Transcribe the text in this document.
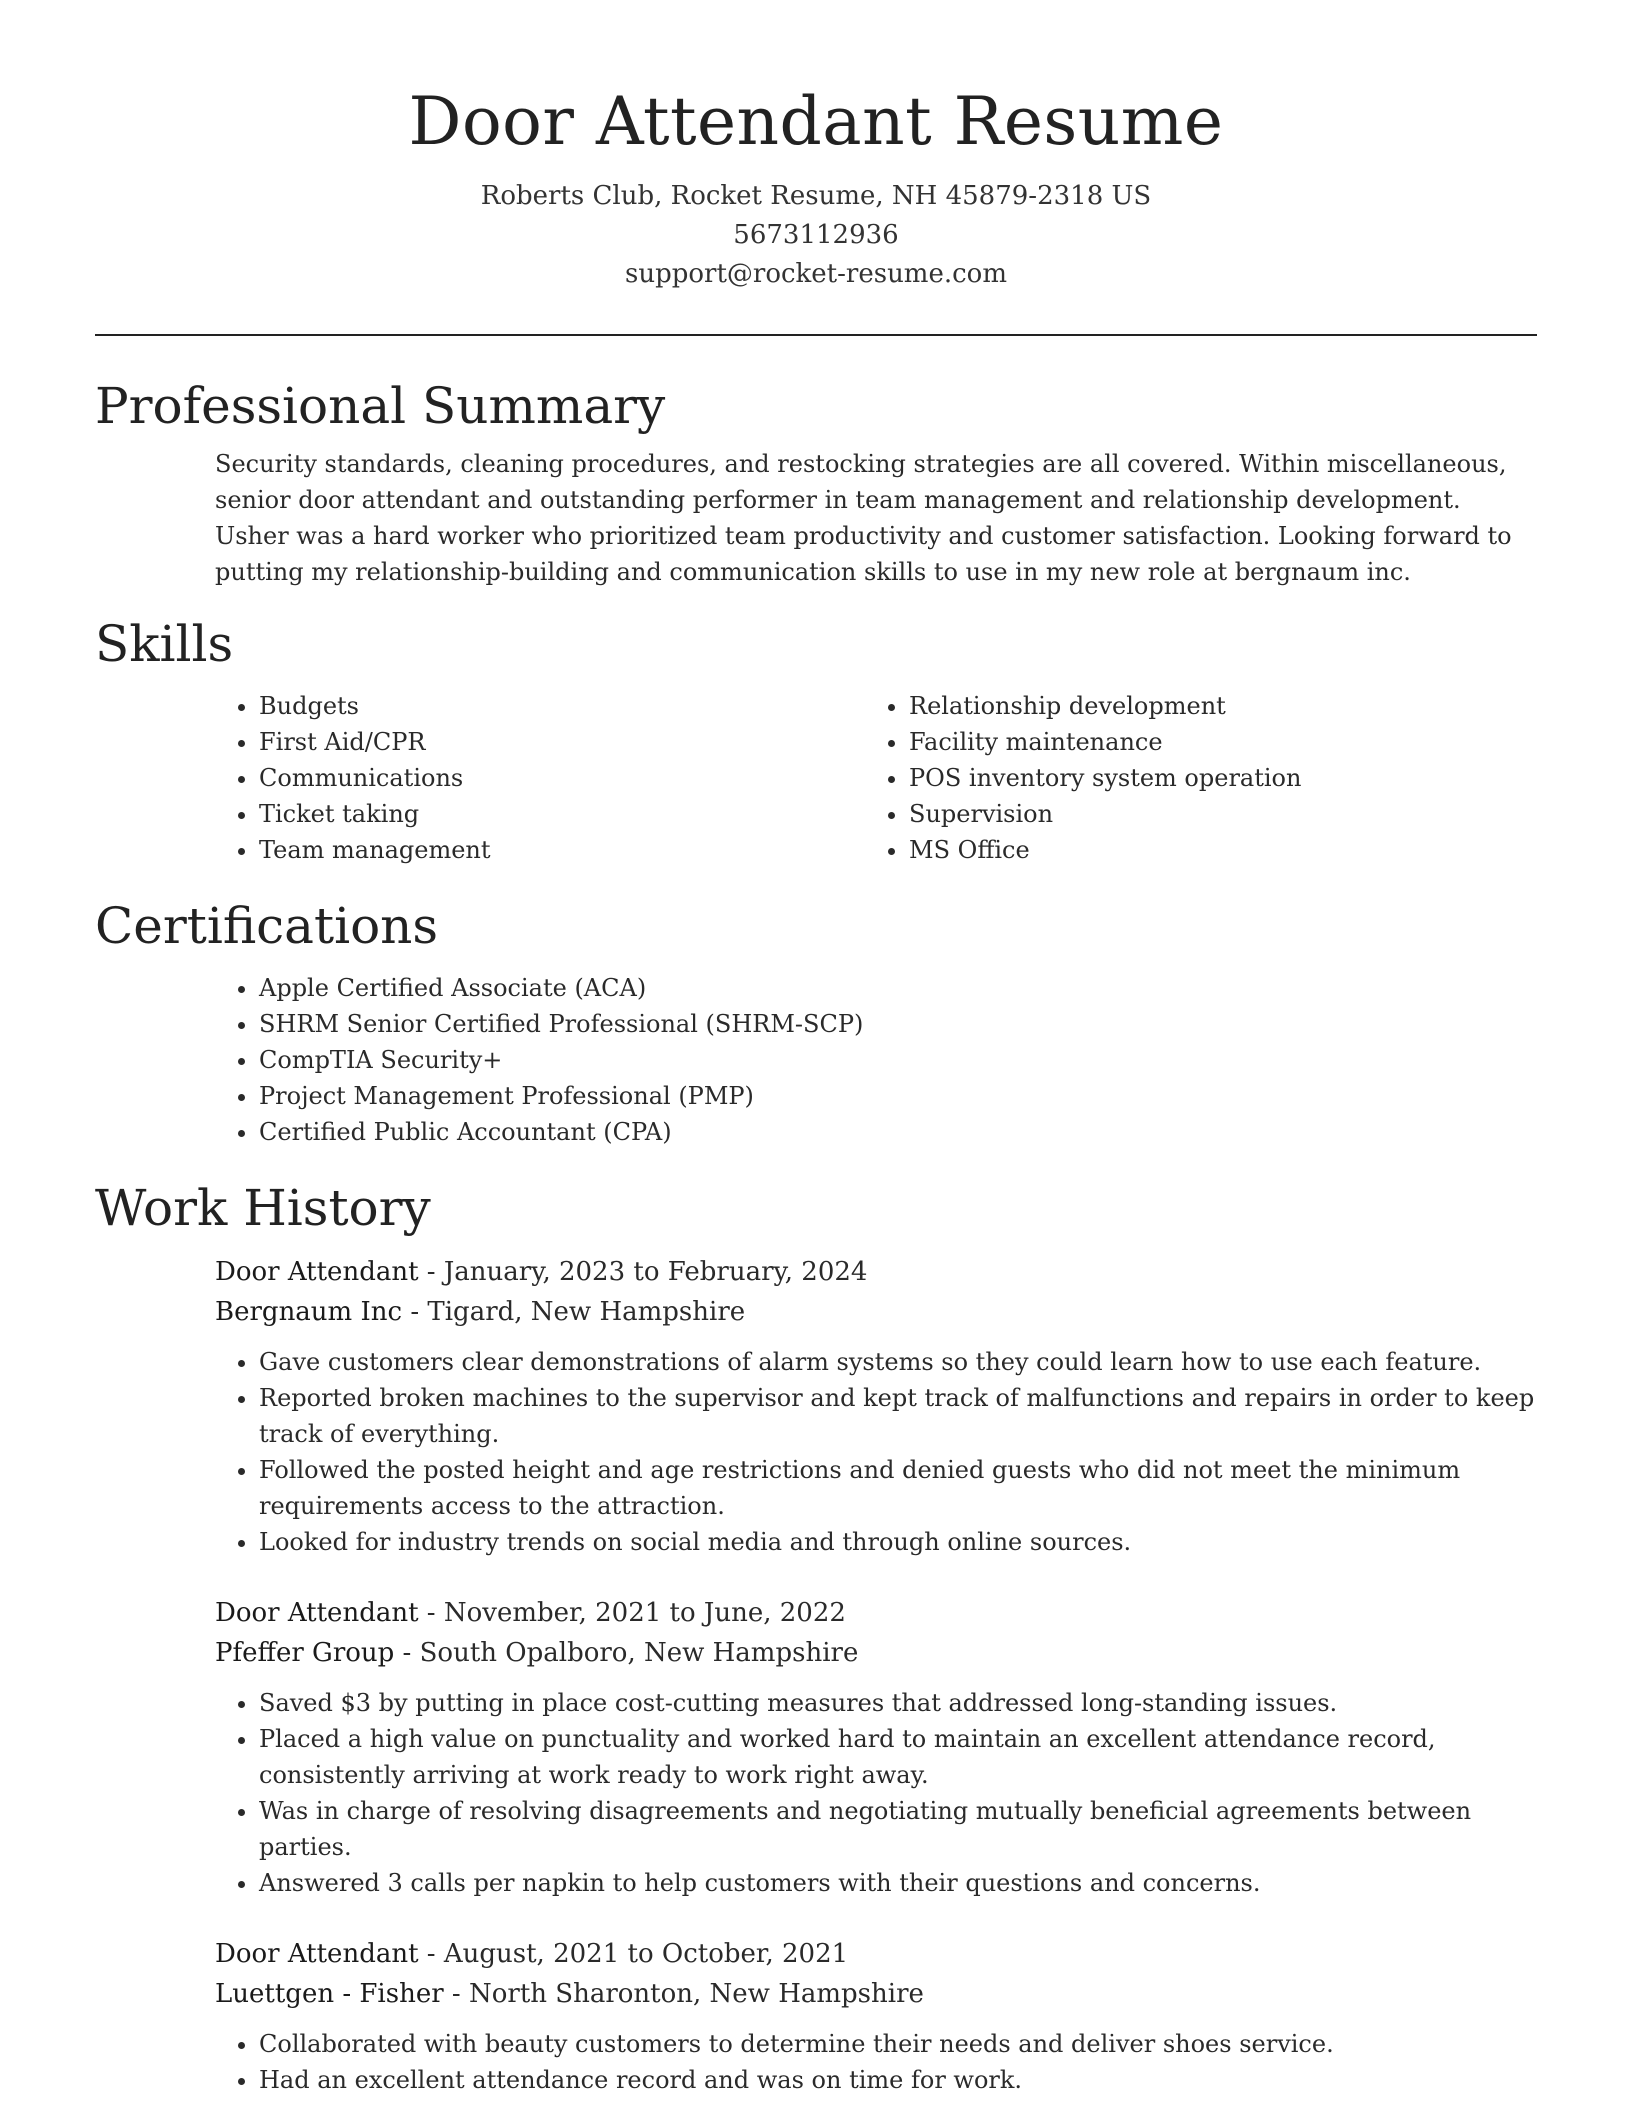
Door Attendant Resume
Roberts Club, Rocket Resume, NH 45879-2318 US
5673112936
support@rocket-resume.com
Professional Summary

Security standards, cleaning procedures, and restocking strategies are all covered. Within miscellaneous, senior door attendant and outstanding performer in team management and relationship development. Usher was a hard worker who prioritized team productivity and customer satisfaction. Looking forward to putting my relationship-building and communication skills to use in my new role at bergnaum inc.

Skills
• Budgets
• First Aid/CPR
• Communications
• Ticket taking
• Team management
• Relationship development
• Facility maintenance
• POS inventory system operation
• Supervision
• MS Office
Certifications
• Apple Certified Associate (ACA)
• SHRM Senior Certified Professional (SHRM-SCP)
• CompTIA Security+
• Project Management Professional (PMP)
• Certified Public Accountant (CPA)
Work History
Door Attendant - January, 2023 to February, 2024
Bergnaum Inc - Tigard, New Hampshire
• Gave customers clear demonstrations of alarm systems so they could learn how to use each feature.
• Reported broken machines to the supervisor and kept track of malfunctions and repairs in order to keep track of everything.
• Followed the posted height and age restrictions and denied guests who did not meet the minimum requirements access to the attraction.
• Looked for industry trends on social media and through online sources.
Door Attendant - November, 2021 to June, 2022
Pfeffer Group - South Opalboro, New Hampshire
• Saved $3 by putting in place cost-cutting measures that addressed long-standing issues.
• Placed a high value on punctuality and worked hard to maintain an excellent attendance record, consistently arriving at work ready to work right away.
• Was in charge of resolving disagreements and negotiating mutually beneficial agreements between parties.
• Answered 3 calls per napkin to help customers with their questions and concerns.
Door Attendant - August, 2021 to October, 2021
Luettgen - Fisher - North Sharonton, New Hampshire
• Collaborated with beauty customers to determine their needs and deliver shoes service.
• Had an excellent attendance record and was on time for work.
